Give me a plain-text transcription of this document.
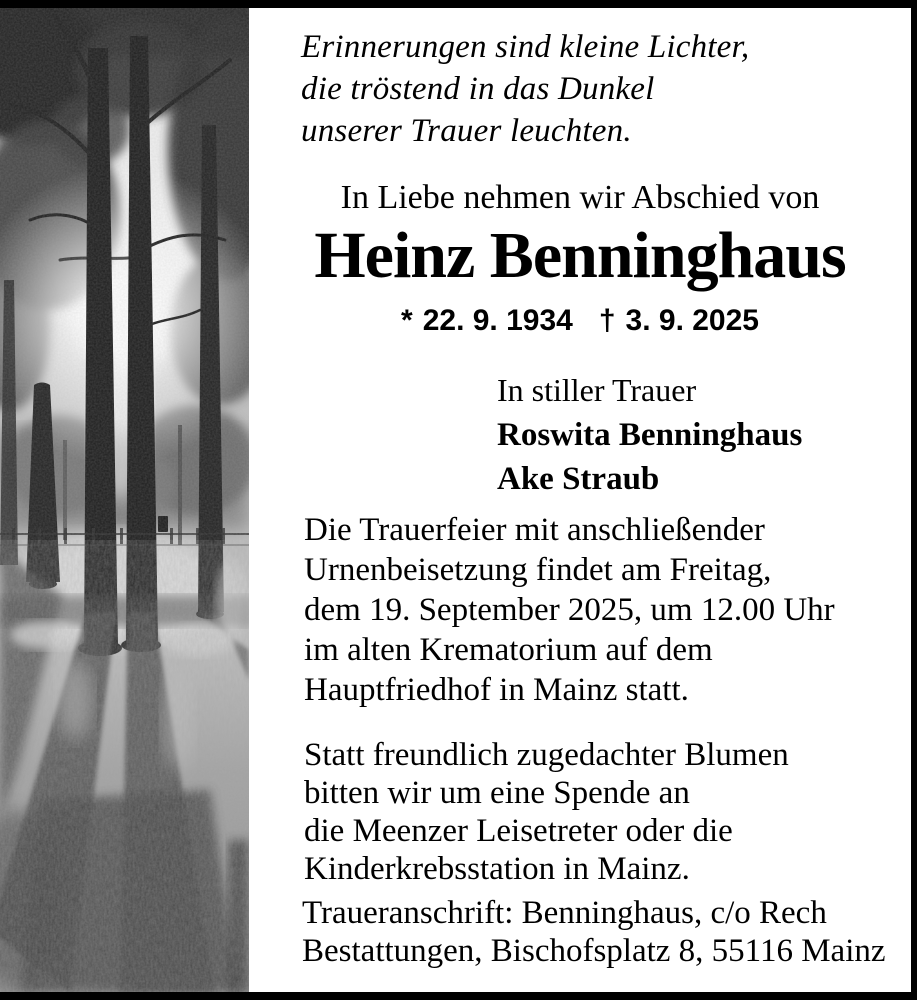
Erinnerungen sind kleine Lichter,
die tröstend in das Dunkel
unserer Trauer leuchten.
In Liebe nehmen wir Abschied von
Heinz Benninghaus
* 22. 9. 1934 † 3. 9. 2025
In stiller Trauer
Roswita Benninghaus
Ake Straub
Die Trauerfeier mit anschließender
Urnenbeisetzung findet am Freitag,
dem 19. September 2025, um 12.00 Uhr
im alten Krematorium auf dem
Hauptfriedhof in Mainz statt.
Statt freundlich zugedachter Blumen
bitten wir um eine Spende an
die Meenzer Leisetreter oder die
Kinderkrebsstation in Mainz.
Traueranschrift: Benninghaus, c/o Rech
Bestattungen, Bischofsplatz 8, 55116 Mainz
